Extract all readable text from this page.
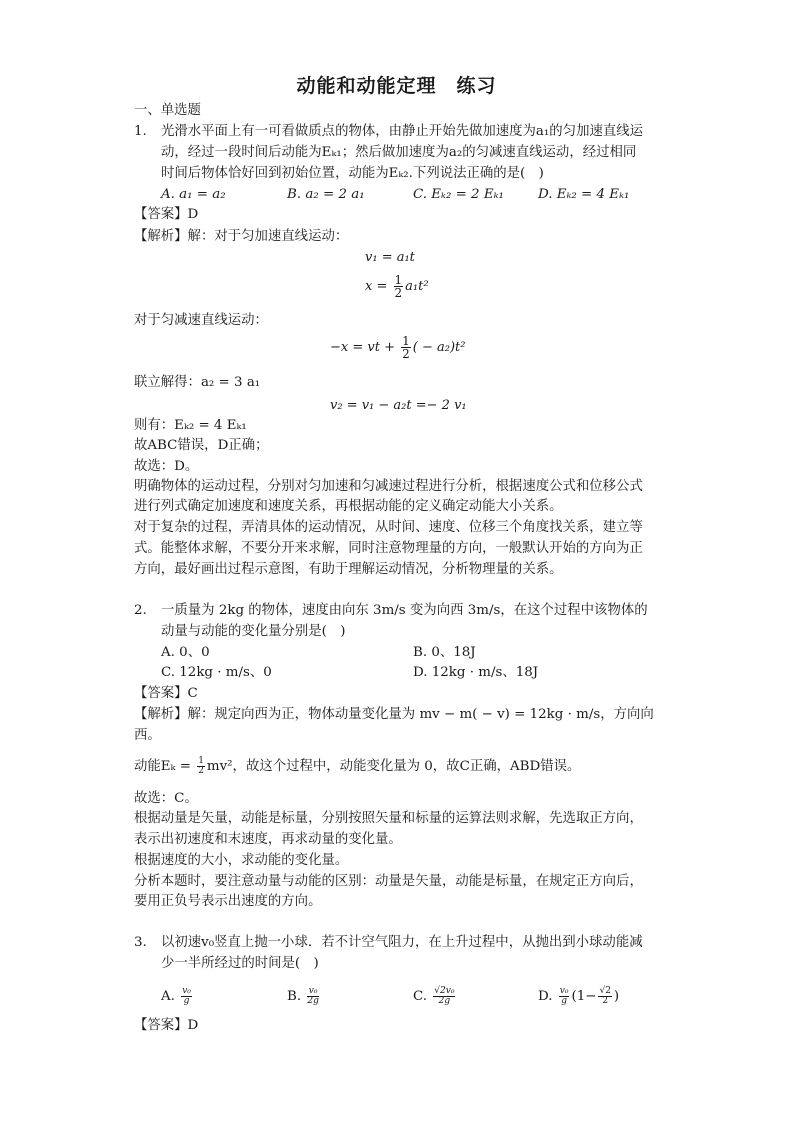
动能和动能定理　练习
一、单选题
1. 光滑水平面上有一可看做质点的物体，由静止开始先做加速度为a₁的匀加速直线运
动，经过一段时间后动能为Eₖ₁；然后做加速度为a₂的匀减速直线运动，经过相同
时间后物体恰好回到初始位置，动能为Eₖ₂.下列说法正确的是(　)
A. a₁ = a₂	B. a₂ = 2 a₁	C. Eₖ₂ = 2 Eₖ₁	D. Eₖ₂ = 4 Eₖ₁
【答案】D
【解析】解：对于匀加速直线运动：
v₁ = a₁t
$x = \frac{1}{2} a_1t^2$
对于匀减速直线运动：
−x = vt + $\frac{1}{2}$ ( − a₂)t²
联立解得：a₂ = 3 a₁
v₂ = v₁ − a₂t =− 2 v₁
则有：Eₖ₂ = 4 Eₖ₁
故ABC错误，D正确；
故选：D。
明确物体的运动过程，分别对匀加速和匀减速过程进行分析，根据速度公式和位移公式
进行列式确定加速度和速度关系，再根据动能的定义确定动能大小关系。
对于复杂的过程，弄清具体的运动情况，从时间、速度、位移三个角度找关系，建立等
式。能整体求解，不要分开来求解，同时注意物理量的方向，一般默认开始的方向为正
方向，最好画出过程示意图，有助于理解运动情况，分析物理量的关系。
2. 一质量为 2kg 的物体，速度由向东 3m/s 变为向西 3m/s，在这个过程中该物体的
动量与动能的变化量分别是(　)
A. 0、0	B. 0、18J
C. 12kg · m/s、0	D. 12kg · m/s、18J
【答案】C
【解析】解：规定向西为正，物体动量变化量为 mv − m( − v) = 12kg · m/s，方向向
西。
动能$E_k = \frac{1}{2} mv^2$，故这个过程中，动能变化量为 0，故C正确，ABD错误。
故选：C。
根据动量是矢量，动能是标量，分别按照矢量和标量的运算法则求解，先选取正方向，
表示出初速度和末速度，再求动量的变化量。
根据速度的大小，求动能的变化量。
分析本题时，要注意动量与动能的区别：动量是矢量，动能是标量，在规定正方向后，
要用正负号表示出速度的方向。
3. 以初速v₀竖直上抛一小球．若不计空气阻力，在上升过程中，从抛出到小球动能减
少一半所经过的时间是(　)
A. $\frac{\text{v₀}}{g}$	B. $\frac{\text{v₀}}{2g}$	C. $\frac{\text{√2v₀}}{2g}$	D. $\frac{\text{v₀}}{g} (1- \frac{√2}{2}$ )
【答案】D
